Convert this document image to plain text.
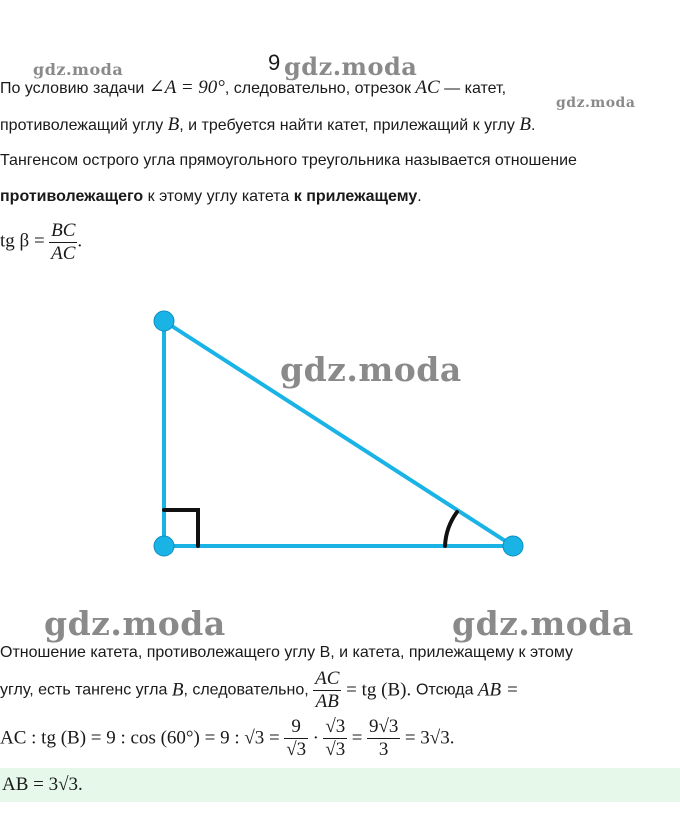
gdz.moda	gdz.moda
gdz.moda
9
По условию задачи ∠A = 90°, следовательно, отрезок AC — катет,
противолежащий углу B, и требуется найти катет, прилежащий к углу B.
Тангенсом острого угла прямоугольного треугольника называется отношение
противолежащего к этому углу катета к прилежащему.
tg $\beta = \frac{BC}{AC}$ .
gdz.moda
gdz.moda	gdz.moda
Отношение катета, противолежащего углу B, и катета, прилежащему к этому
углу, есть тангенс угла B, следовательно, $\frac{AC}{AB}$ = tg (B). Отсюда AB =
AC : tg (B) = 9 : cos (60°) = 9 : $√3 = \frac{9}{√3} \cdot \frac{√3}{√3} = \frac{9√3}{3} = 3√3$.
AB = 3√3.
